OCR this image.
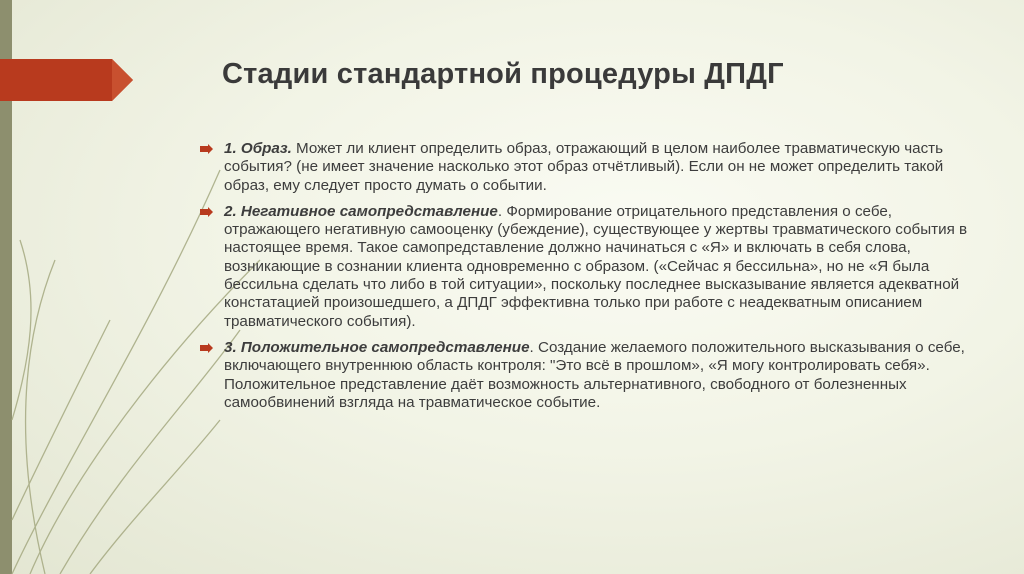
Стадии стандартной процедуры ДПДГ
1. Образ. Может ли клиент определить образ, отражающий в целом наиболее травматическую часть события? (не имеет значение насколько этот образ отчётливый). Если он не может определить такой образ, ему следует просто думать о событии.
2. Негативное самопредставление. Формирование отрицательного представления о себе, отражающего негативную самооценку (убеждение), существующее у жертвы травматического события в настоящее время. Такое самопредставление должно начинаться с «Я» и включать в себя слова, возникающие в сознании клиента одновременно с образом. («Сейчас я бессильна», но не «Я была бессильна сделать что либо в той ситуации», поскольку последнее высказывание является адекватной констатацией произошедшего, а ДПДГ эффективна только при работе с неадекватным описанием травматического события).
3. Положительное самопредставление. Создание желаемого положительного высказывания о себе, включающего внутреннюю область контроля: "Это всё в прошлом», «Я могу контролировать себя». Положительное представление даёт возможность альтернативного, свободного от болезненных самообвинений взгляда на травматическое событие.
